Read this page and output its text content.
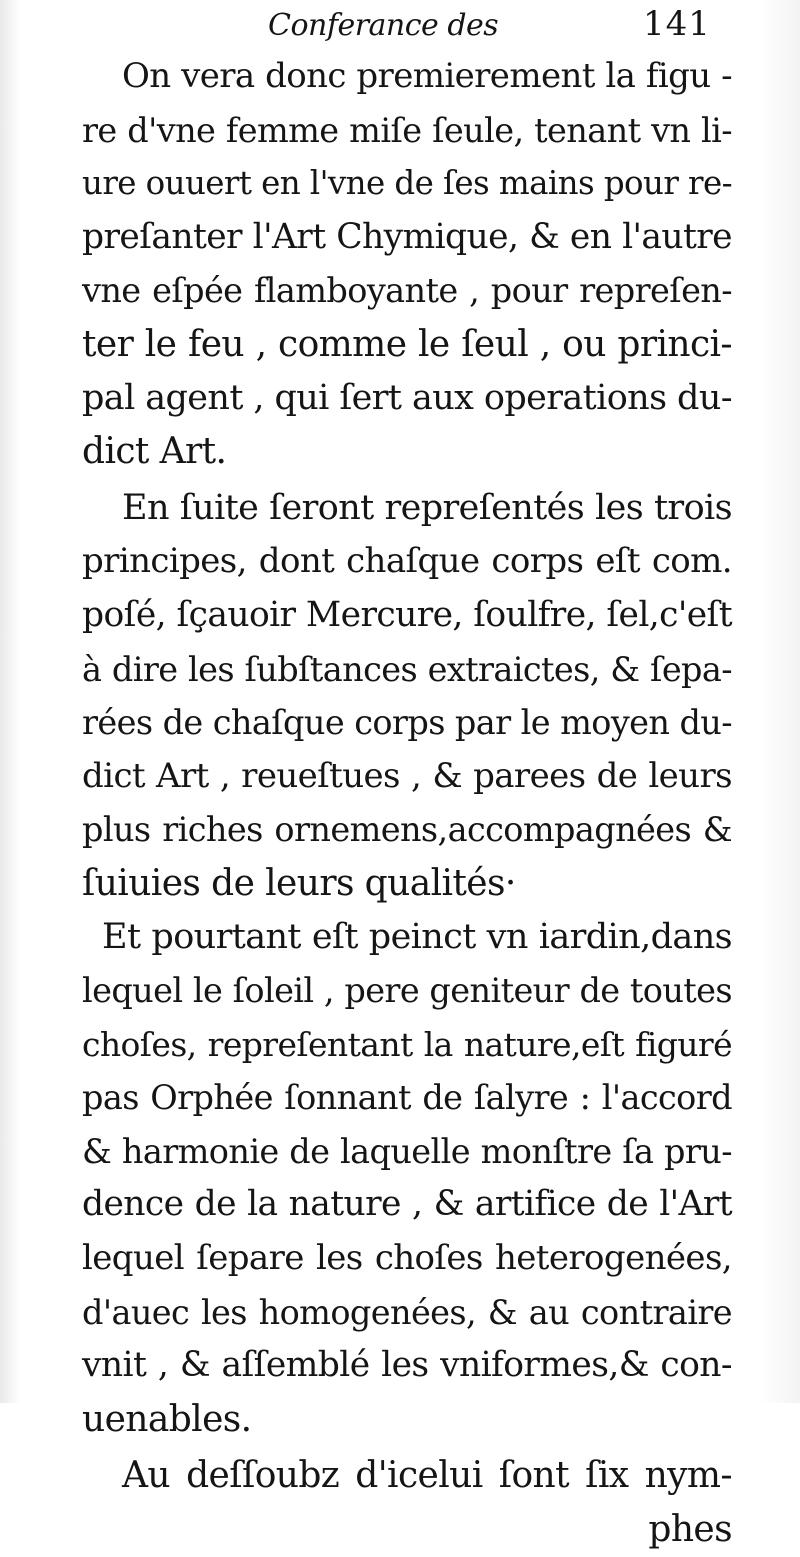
Conferance des	141
On vera donc premierement la figu -
re d'vne femme miſe ſeule, tenant vn li-
ure ouuert en l'vne de ſes mains pour re-
preſanter l'Art Chymique, & en l'autre
vne eſpée flamboyante , pour repreſen-
ter le feu , comme le ſeul , ou princi-
pal agent , qui ſert aux operations du-
dict Art.
En ſuite ſeront repreſentés les trois
principes, dont chaſque corps eſt com.
poſé, ſçauoir Mercure, ſoulfre, ſel,c'eſt
à dire les ſubſtances extraictes, & ſepa-
rées de chaſque corps par le moyen du-
dict Art , reueſtues , & parees de leurs
plus riches ornemens,accompagnées &
ſuiuies de leurs qualités·
Et pourtant eſt peinct vn iardin,dans
lequel le ſoleil , pere geniteur de toutes
choſes, repreſentant la nature,eſt figuré
pas Orphée ſonnant de ſalyre : l'accord
& harmonie de laquelle monſtre ſa pru-
dence de la nature , & artifice de l'Art
lequel ſepare les choſes heterogenées,
d'auec les homogenées, & au contraire
vnit , & aſſemblé les vniformes,& con-
uenables.
Au deſſoubz d'icelui ſont ſix nym-
phes
